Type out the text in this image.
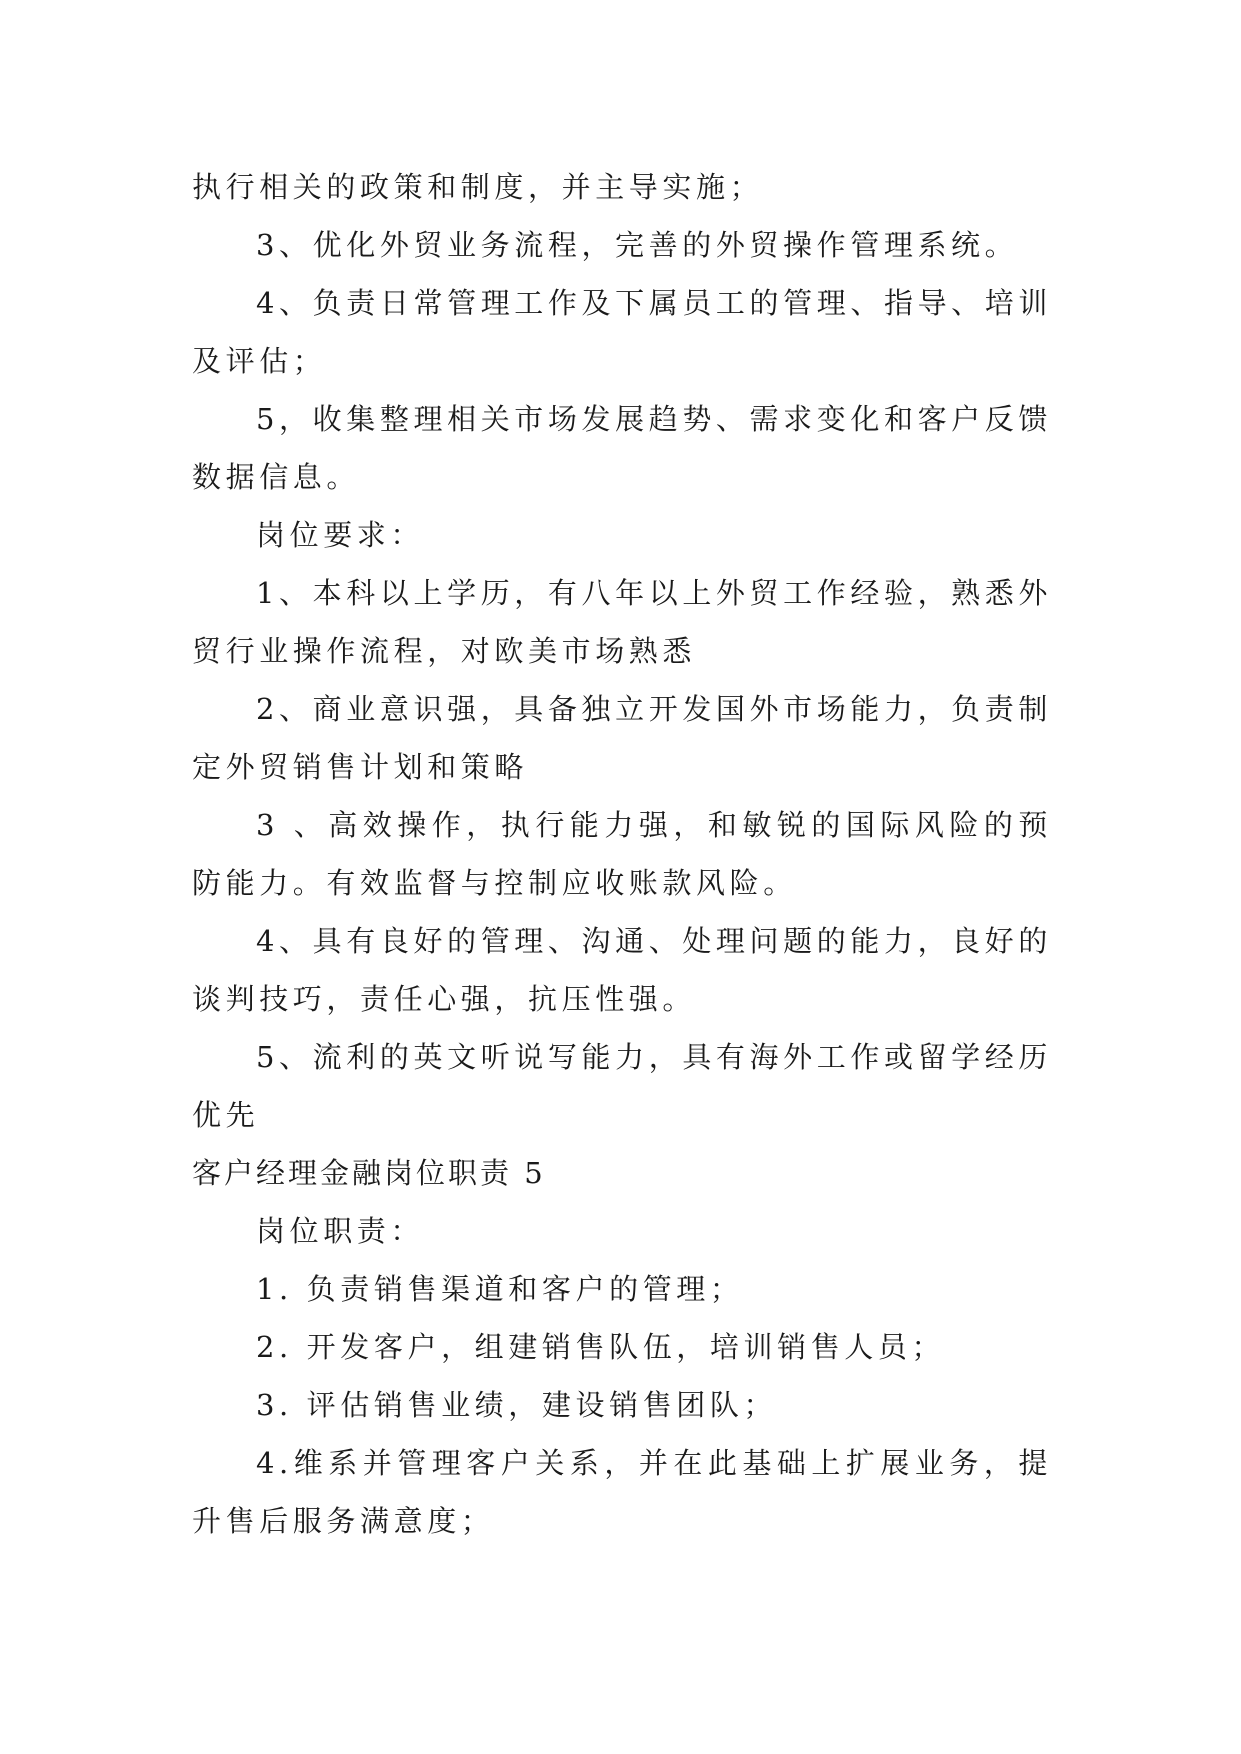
执行相关的政策和制度，并主导实施；

3、优化外贸业务流程，完善的外贸操作管理系统。

4、负责日常管理工作及下属员工的管理、指导、培训及评估；

5，收集整理相关市场发展趋势、需求变化和客户反馈数据信息。

岗位要求：

1、本科以上学历，有八年以上外贸工作经验，熟悉外贸行业操作流程，对欧美市场熟悉

2、商业意识强，具备独立开发国外市场能力，负责制定外贸销售计划和策略

3 、高效操作，执行能力强，和敏锐的国际风险的预防能力。有效监督与控制应收账款风险。

4、具有良好的管理、沟通、处理问题的能力，良好的谈判技巧，责任心强，抗压性强。

5、流利的英文听说写能力，具有海外工作或留学经历优先

客户经理金融岗位职责 5

岗位职责：

1. 负责销售渠道和客户的管理；

2. 开发客户，组建销售队伍，培训销售人员；

3. 评估销售业绩，建设销售团队；

4.维系并管理客户关系，并在此基础上扩展业务，提升售后服务满意度；
